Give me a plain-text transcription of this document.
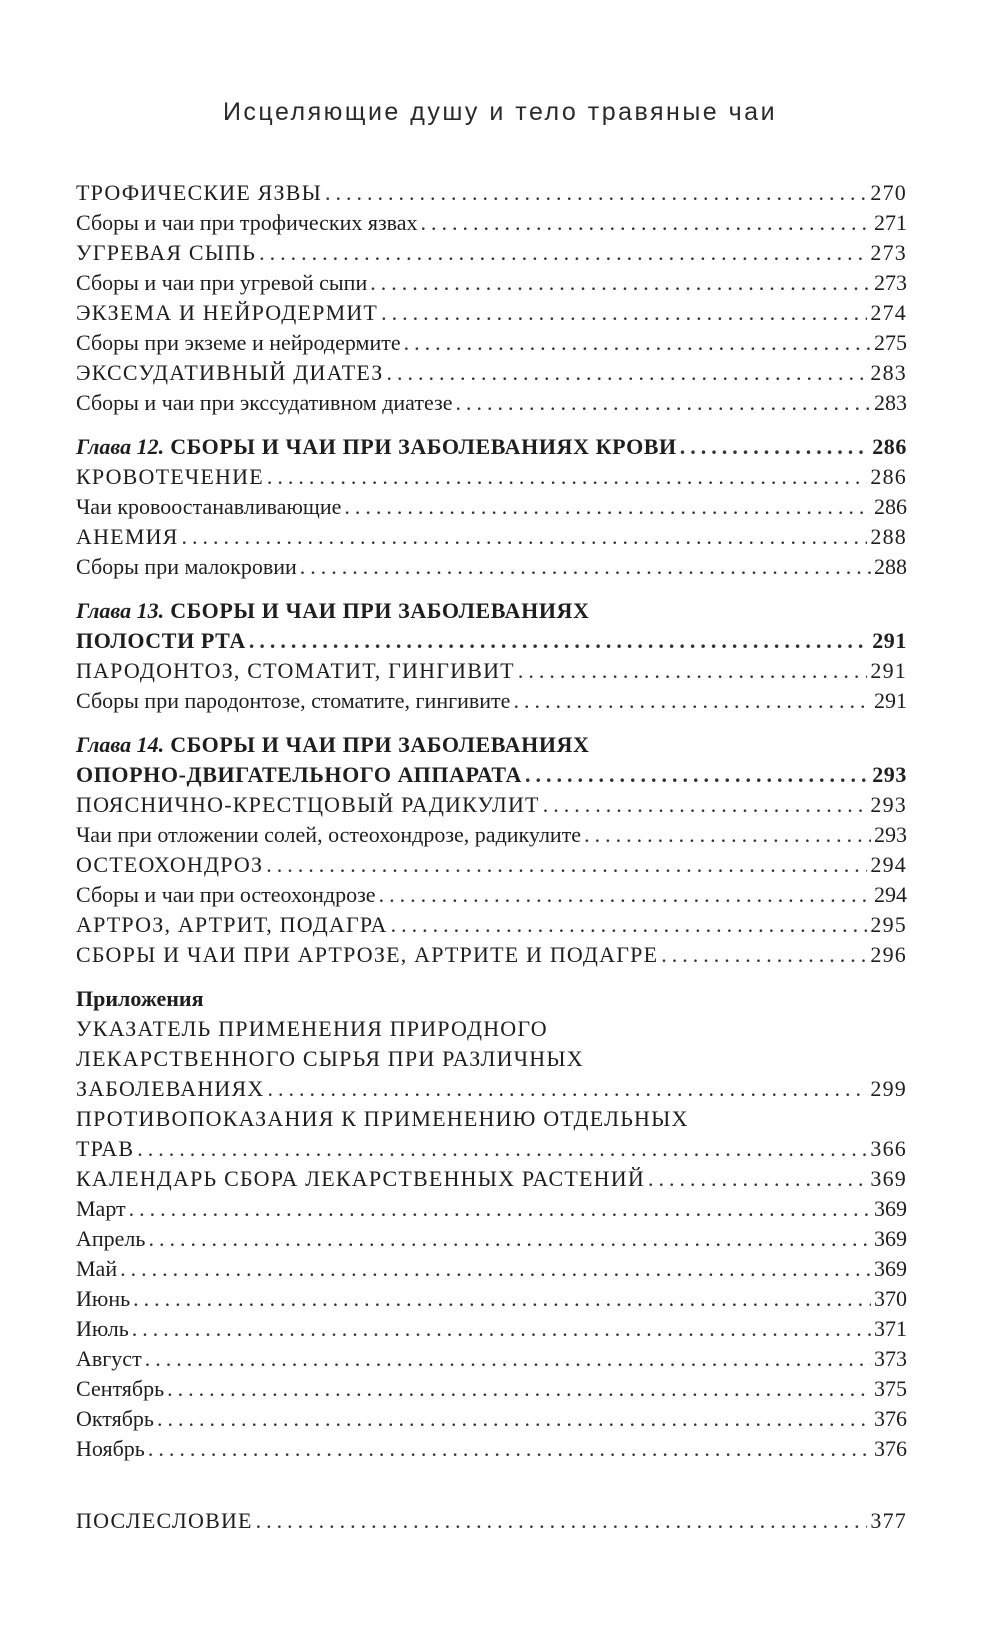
Исцеляющие душу и тело травяные чаи
ТРОФИЧЕСКИЕ ЯЗВЫ .....	270
Сборы и чаи при трофических язвах .....	271
УГРЕВАЯ СЫПЬ .....	273
Сборы и чаи при угревой сыпи .....	273
ЭКЗЕМА И НЕЙРОДЕРМИТ .....	274
Сборы при экземе и нейродермите .....	275
ЭКССУДАТИВНЫЙ ДИАТЕЗ .....	283
Сборы и чаи при экссудативном диатезе .....	283
Глава 12. СБОРЫ И ЧАИ ПРИ ЗАБОЛЕВАНИЯХ КРОВИ .....	286
КРОВОТЕЧЕНИЕ .....	286
Чаи кровоостанавливающие .....	286
АНЕМИЯ .....	288
Сборы при малокровии .....	288
Глава 13. СБОРЫ И ЧАИ ПРИ ЗАБОЛЕВАНИЯХ
ПОЛОСТИ РТА .....	291
ПАРОДОНТОЗ, СТОМАТИТ, ГИНГИВИТ .....	291
Сборы при пародонтозе, стоматите, гингивите .....	291
Глава 14. СБОРЫ И ЧАИ ПРИ ЗАБОЛЕВАНИЯХ
ОПОРНО-ДВИГАТЕЛЬНОГО АППАРАТА .....	293
ПОЯСНИЧНО-КРЕСТЦОВЫЙ РАДИКУЛИТ .....	293
Чаи при отложении солей, остеохондрозе, радикулите .....	293
ОСТЕОХОНДРОЗ .....	294
Сборы и чаи при остеохондрозе .....	294
АРТРОЗ, АРТРИТ, ПОДАГРА .....	295
СБОРЫ И ЧАИ ПРИ АРТРОЗЕ, АРТРИТЕ И ПОДАГРЕ .....	296
Приложения
УКАЗАТЕЛЬ ПРИМЕНЕНИЯ ПРИРОДНОГО
ЛЕКАРСТВЕННОГО СЫРЬЯ ПРИ РАЗЛИЧНЫХ
ЗАБОЛЕВАНИЯХ .....	299
ПРОТИВОПОКАЗАНИЯ К ПРИМЕНЕНИЮ ОТДЕЛЬНЫХ
ТРАВ .....	366
КАЛЕНДАРЬ СБОРА ЛЕКАРСТВЕННЫХ РАСТЕНИЙ .....	369
Март .....	369
Апрель .....	369
Май .....	369
Июнь .....	370
Июль .....	371
Август .....	373
Сентябрь .....	375
Октябрь .....	376
Ноябрь .....	376
ПОСЛЕСЛОВИЕ .....	377
